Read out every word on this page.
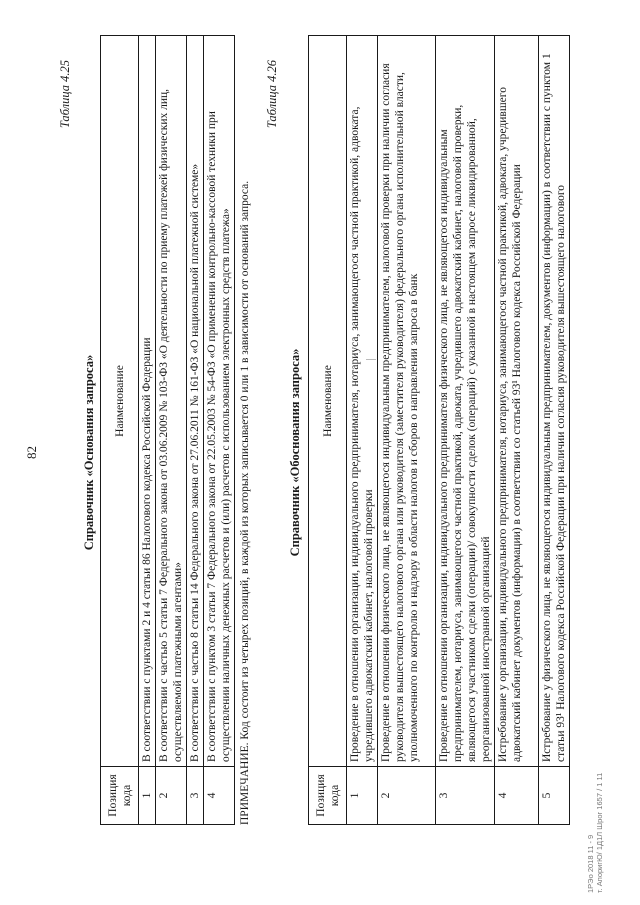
82
Таблица 4.25
Справочник «Основания запроса»
Позиция кода	Наименование
1	В соответствии с пунктами 2 и 4 статьи 86 Налогового кодекса Российской Федерации
2	В соответствии с частью 5 статьи 7 Федерального закона от 03.06.2009 № 103-ФЗ «О деятельности по приему платежей физических лиц, осуществляемой платежными агентами»
3	В соответствии с частью 8 статьи 14 Федерального закона от 27.06.2011 № 161-ФЗ «О национальной платежной системе»
4	В соответствии с пунктом 3 статьи 7 Федерального закона от 22.05.2003 № 54-ФЗ «О применении контрольно-кассовой техники при осуществлении наличных денежных расчетов и (или) расчетов с использованием электронных средств платежа» ПРИМЕЧАНИЕ. Код состоит из четырех позиций, в каждой из которых записывается 0 или 1 в зависимости от оснований запроса.
Таблица 4.26
Справочник «Обоснования запроса»
Позиция кода	Наименование
1	Проведение в отношении организации, индивидуального предпринимателя, нотариуса, занимающегося частной практикой, адвоката, учредившего адвокатский кабинет, налоговой проверки
2	Проведение в отношении физического лица, не являющегося индивидуальным предпринимателем, налоговой проверки при наличии согласия руководителя вышестоящего налогового органа или руководителя (заместителя руководителя) федерального органа исполнительной власти, уполномоченного по контролю и надзору в области налогов и сборов о направлении запроса в банк
3	Проведение в отношении организации, индивидуального предпринимателя физического лица, не являющегося индивидуальным предпринимателем, нотариуса, занимающегося частной практикой, адвоката, учредившего адвокатский кабинет, налоговой проверки, являющегося участником сделки (операции)/ совокупности сделок (операций) с указанной в настоящем запросе ликвидированной, реорганизованной иностранной организацией
4	Истребование у организации, индивидуального предпринимателя, нотариуса, занимающегося частной практикой, адвоката, учредившего адвокатский кабинет документов (информации) в соответствии со статьей 93¹ Налогового кодекса Российской Федерации
5	Истребование у физического лица, не являющегося индивидуальным предпринимателем, документов (информации) в соответствии с пунктом 1 статьи 93¹ Налогового кодекса Российской Федерации при наличии согласия руководителя вышестоящего налогового
1РЭо 2018 11 - 9 т. АпоригЮ/ 1Д1Л Шрог 1657 / 1 11
